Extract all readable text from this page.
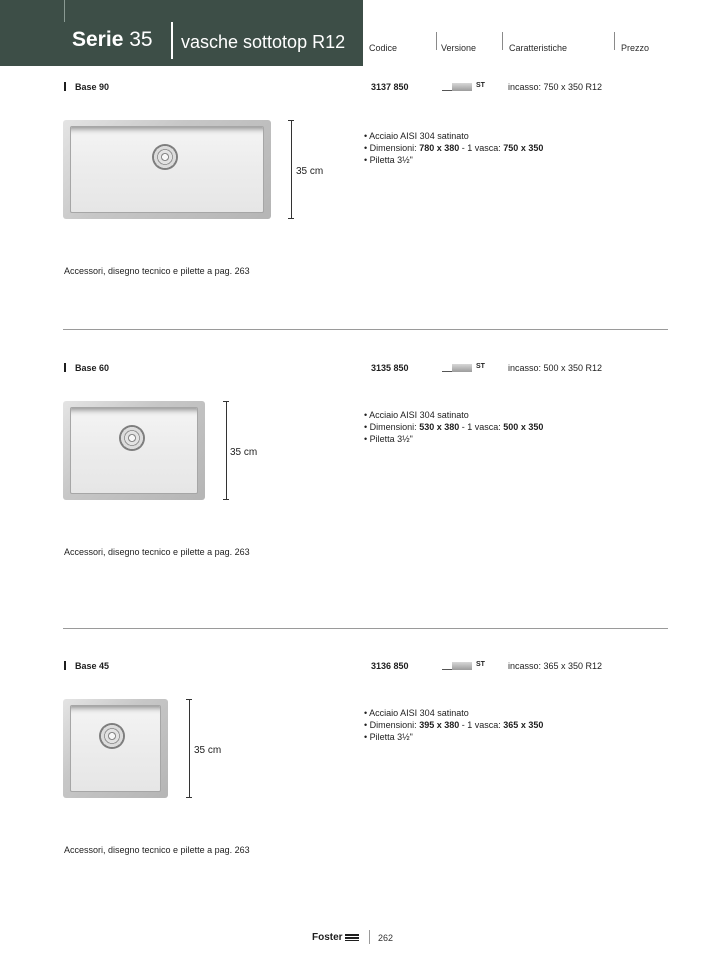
Serie 35 vasche sottotop R12	Codice	Versione	Caratteristiche	Prezzo
Base 90	3137 850	ST	incasso: 750 x 350 R12
35 cm
• Acciaio AISI 304 satinato
• Dimensioni: 780 x 380 - 1 vasca: 750 x 350
• Piletta 3½"
Accessori, disegno tecnico e pilette a pag. 263
Base 60	3135 850	ST	incasso: 500 x 350 R12
35 cm
• Acciaio AISI 304 satinato
• Dimensioni: 530 x 380 - 1 vasca: 500 x 350
• Piletta 3½"
Accessori, disegno tecnico e pilette a pag. 263
Base 45	3136 850	ST	incasso: 365 x 350 R12
35 cm
• Acciaio AISI 304 satinato
• Dimensioni: 395 x 380 - 1 vasca: 365 x 350
• Piletta 3½"
Accessori, disegno tecnico e pilette a pag. 263
Foster	262
